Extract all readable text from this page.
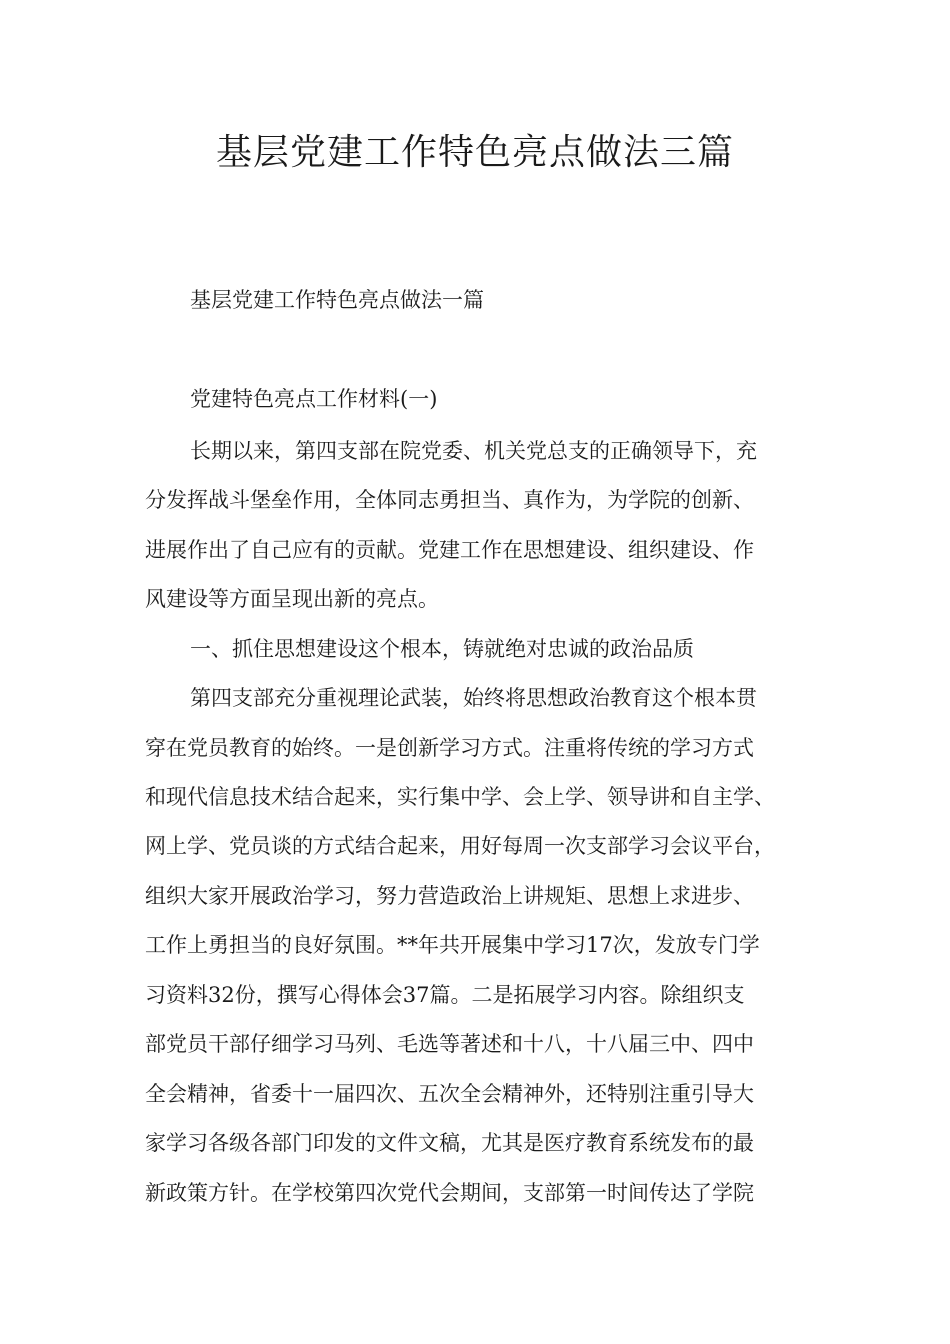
基层党建工作特色亮点做法三篇

基层党建工作特色亮点做法一篇

党建特色亮点工作材料(一)

长期以来，第四支部在院党委、机关党总支的正确领导下，充

分发挥战斗堡垒作用，全体同志勇担当、真作为，为学院的创新、

进展作出了自己应有的贡献。党建工作在思想建设、组织建设、作

风建设等方面呈现出新的亮点。

一、抓住思想建设这个根本，铸就绝对忠诚的政治品质

第四支部充分重视理论武装，始终将思想政治教育这个根本贯

穿在党员教育的始终。一是创新学习方式。注重将传统的学习方式

和现代信息技术结合起来，实行集中学、会上学、领导讲和自主学、

网上学、党员谈的方式结合起来，用好每周一次支部学习会议平台，

组织大家开展政治学习，努力营造政治上讲规矩、思想上求进步、

工作上勇担当的良好氛围。**年共开展集中学习17次，发放专门学

习资料32份，撰写心得体会37篇。二是拓展学习内容。除组织支

部党员干部仔细学习马列、毛选等著述和十八，十八届三中、四中

全会精神，省委十一届四次、五次全会精神外，还特别注重引导大

家学习各级各部门印发的文件文稿，尤其是医疗教育系统发布的最

新政策方针。在学校第四次党代会期间，支部第一时间传达了学院
